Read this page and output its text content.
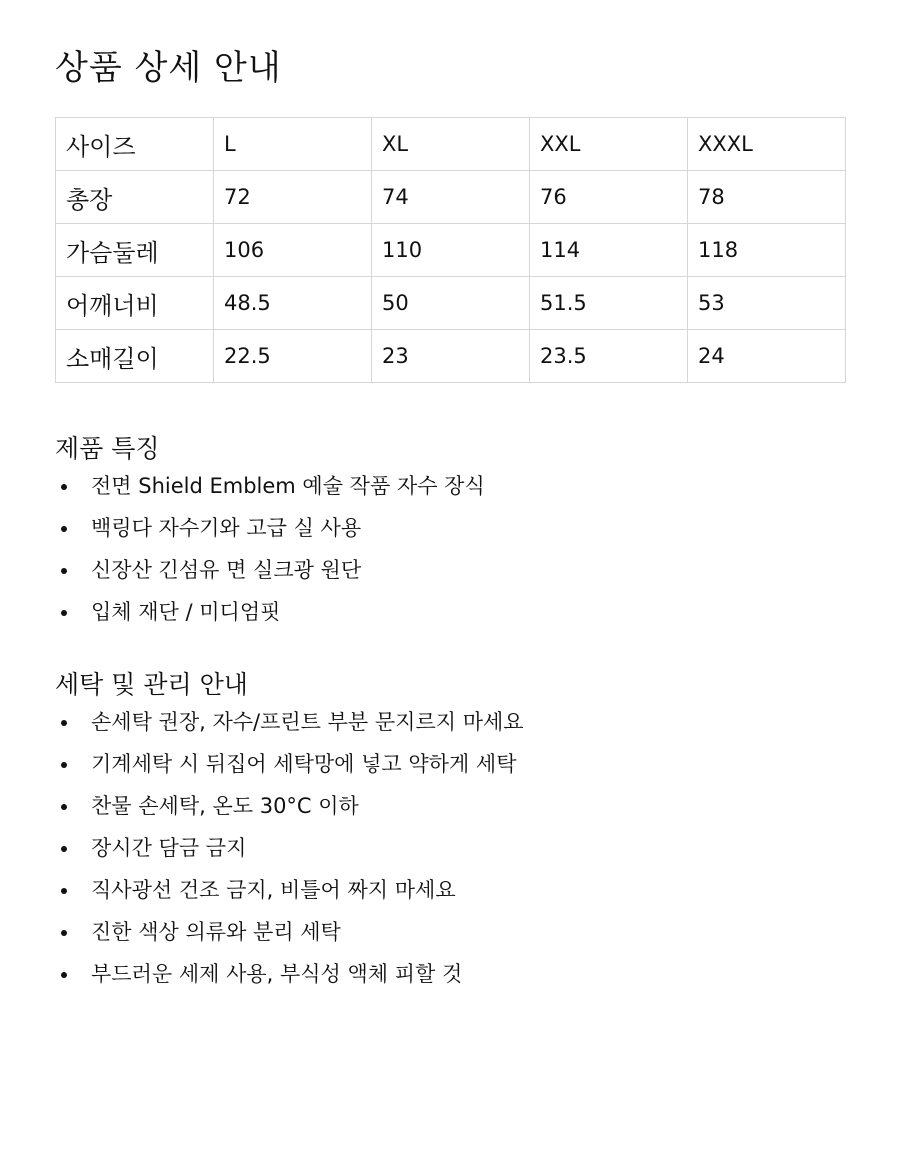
상품 상세 안내
사이즈	L	XL	XXL	XXXL
총장	72	74	76	78
가슴둘레	106	110	114	118
어깨너비	48.5	50	51.5	53
소매길이	22.5	23	23.5	24
제품 특징
전면 Shield Emblem 예술 작품 자수 장식
백링다 자수기와 고급 실 사용
신장산 긴섬유 면 실크광 원단
입체 재단 / 미디엄핏
세탁 및 관리 안내
손세탁 권장, 자수/프린트 부분 문지르지 마세요
기계세탁 시 뒤집어 세탁망에 넣고 약하게 세탁
찬물 손세탁, 온도 30°C 이하
장시간 담금 금지
직사광선 건조 금지, 비틀어 짜지 마세요
진한 색상 의류와 분리 세탁
부드러운 세제 사용, 부식성 액체 피할 것
